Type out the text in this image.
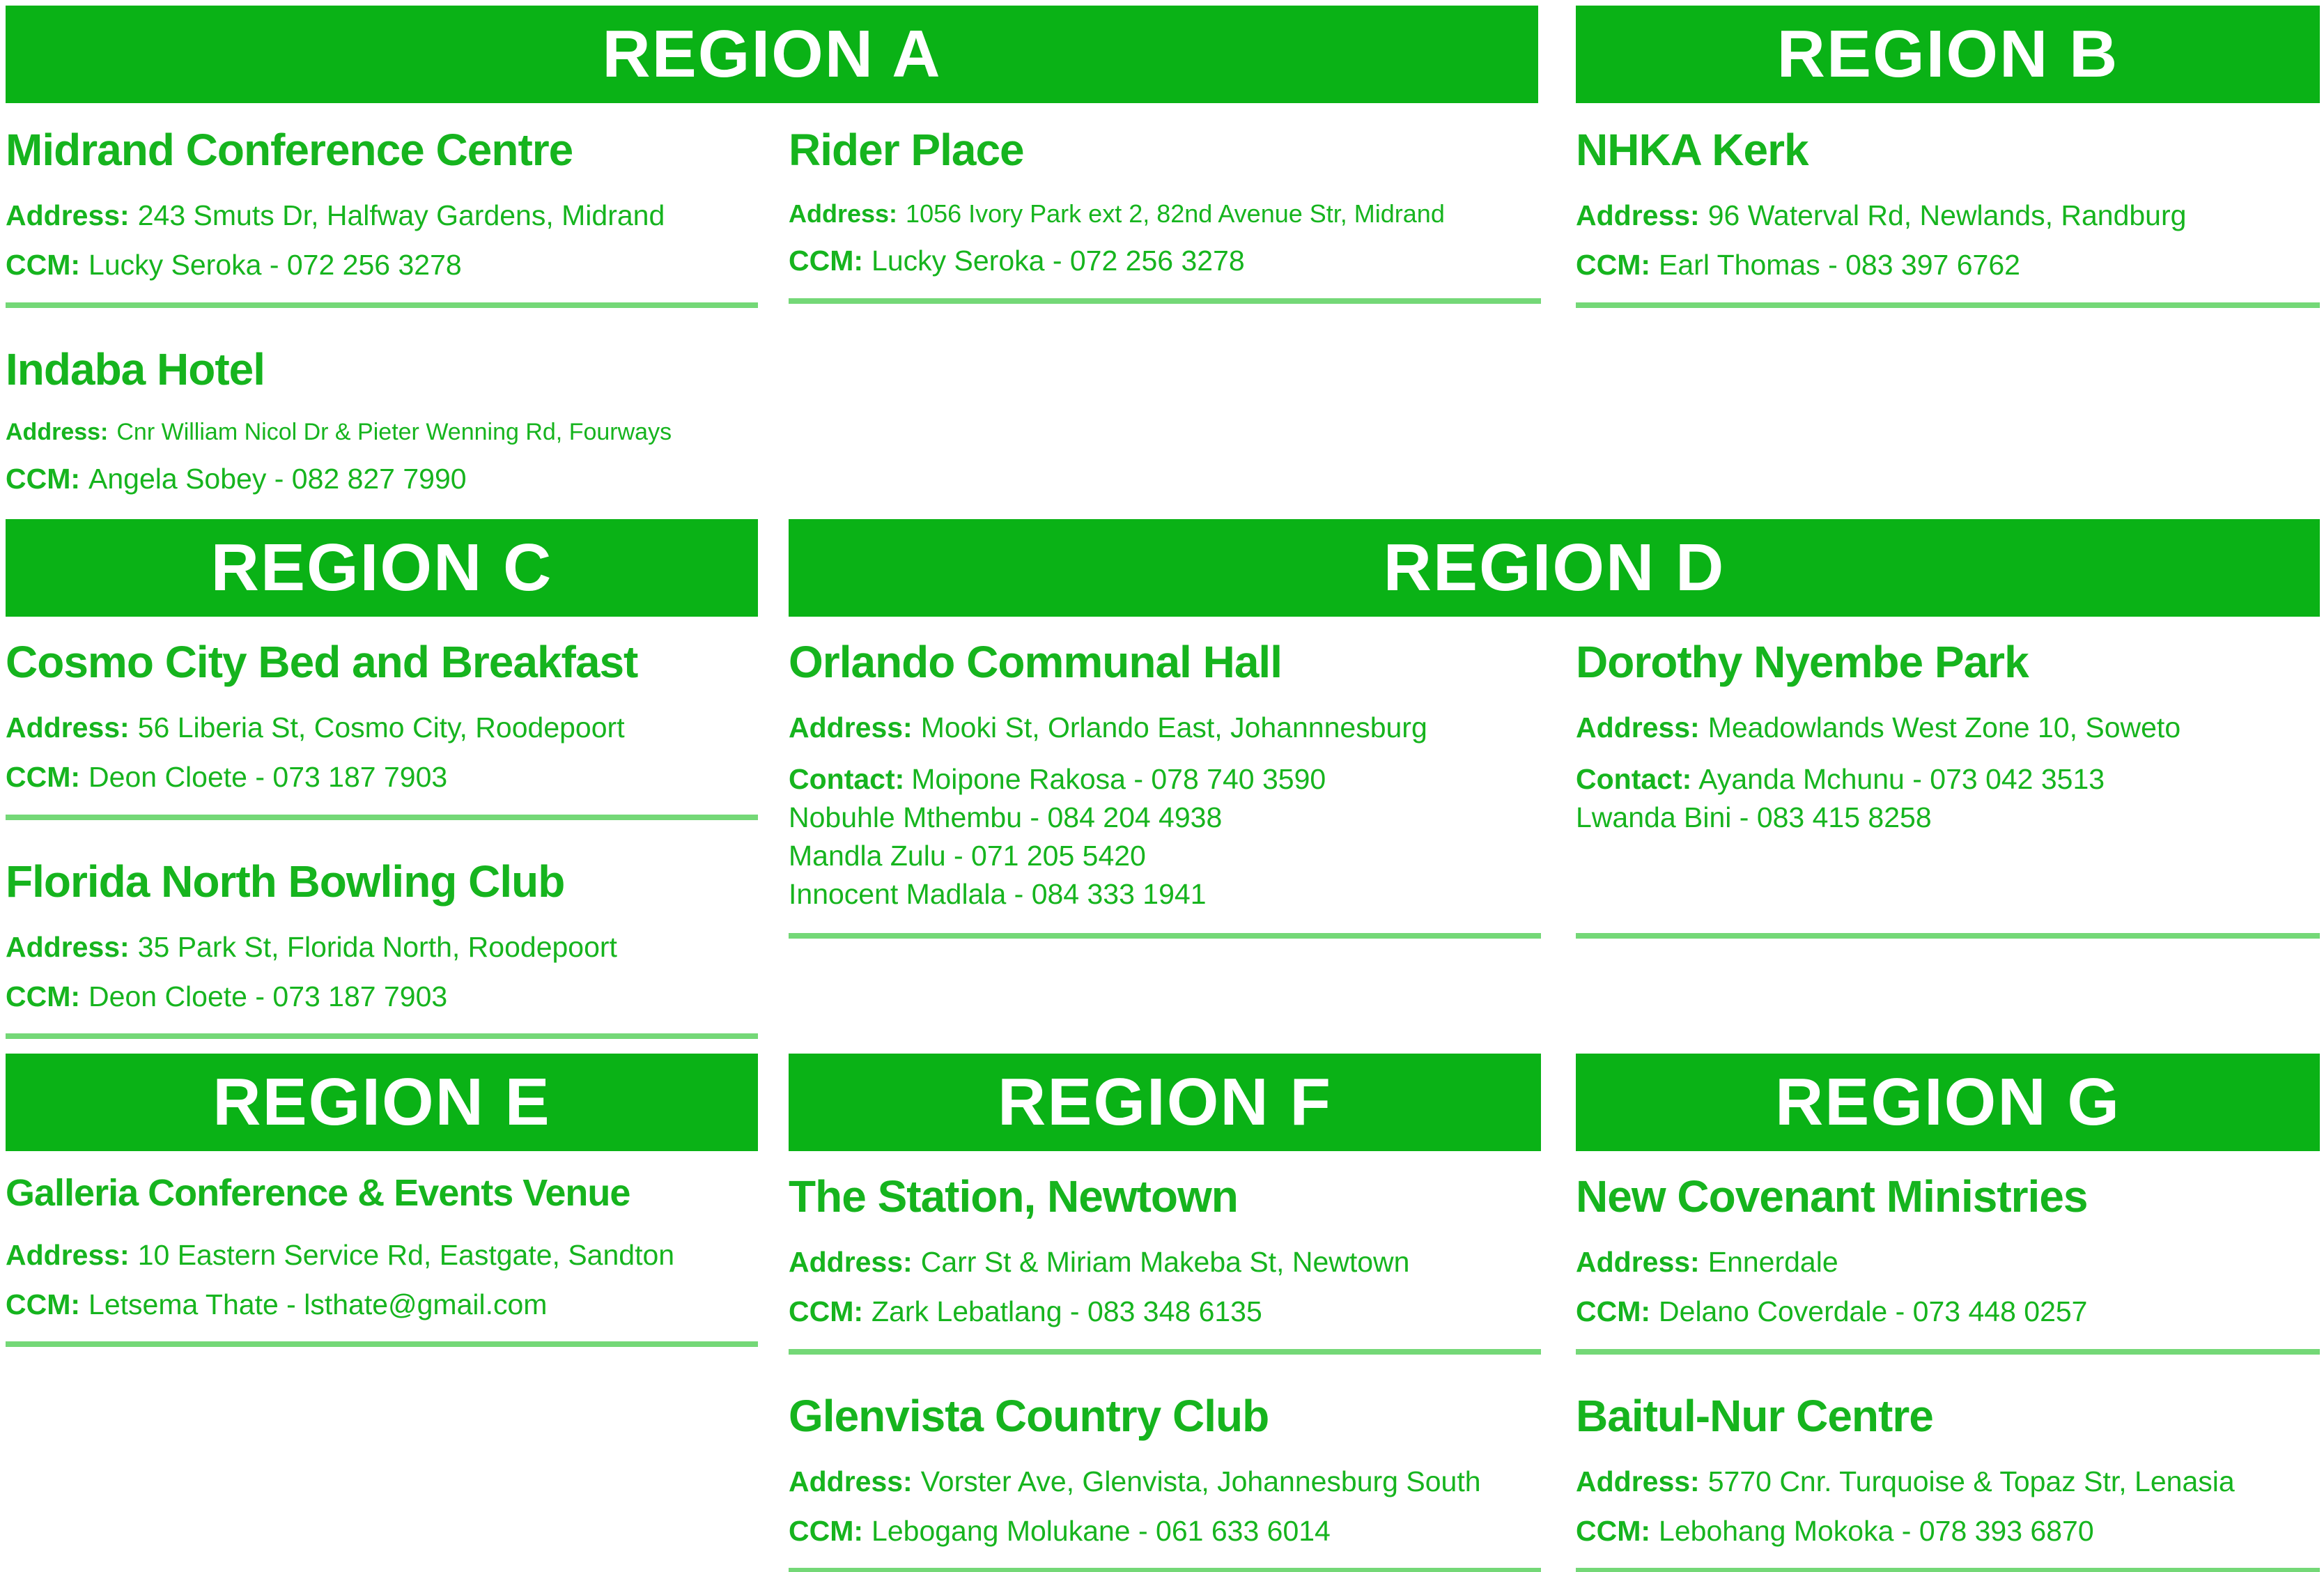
REGION A	REGION B
REGION C	REGION D
REGION E	REGION F	REGION G
Midrand Conference Centre
Address: 243 Smuts Dr, Halfway Gardens, Midrand
CCM: Lucky Seroka - 072 256 3278
Indaba Hotel
Address: Cnr William Nicol Dr & Pieter Wenning Rd, Fourways
CCM: Angela Sobey - 082 827 7990
Rider Place
Address: 1056 Ivory Park ext 2, 82nd Avenue Str, Midrand
CCM: Lucky Seroka - 072 256 3278
NHKA Kerk
Address: 96 Waterval Rd, Newlands, Randburg
CCM: Earl Thomas - 083 397 6762
Cosmo City Bed and Breakfast
Address: 56 Liberia St, Cosmo City, Roodepoort
CCM: Deon Cloete - 073 187 7903
Florida North Bowling Club
Address: 35 Park St, Florida North, Roodepoort
CCM: Deon Cloete - 073 187 7903
Orlando Communal Hall
Address: Mooki St, Orlando East, Johannnesburg
Contact: Moipone Rakosa - 078 740 3590
Nobuhle Mthembu - 084 204 4938
Mandla Zulu - 071 205 5420
Innocent Madlala - 084 333 1941
Dorothy Nyembe Park
Address: Meadowlands West Zone 10, Soweto
Contact: Ayanda Mchunu - 073 042 3513
Lwanda Bini - 083 415 8258
Galleria Conference & Events Venue
Address: 10 Eastern Service Rd, Eastgate, Sandton
CCM: Letsema Thate - lsthate@gmail.com
The Station, Newtown
Address: Carr St & Miriam Makeba St, Newtown
CCM: Zark Lebatlang - 083 348 6135
Glenvista Country Club
Address: Vorster Ave, Glenvista, Johannesburg South
CCM: Lebogang Molukane - 061 633 6014
New Covenant Ministries
Address: Ennerdale
CCM: Delano Coverdale - 073 448 0257
Baitul-Nur Centre
Address: 5770 Cnr. Turquoise & Topaz Str, Lenasia
CCM: Lebohang Mokoka - 078 393 6870
